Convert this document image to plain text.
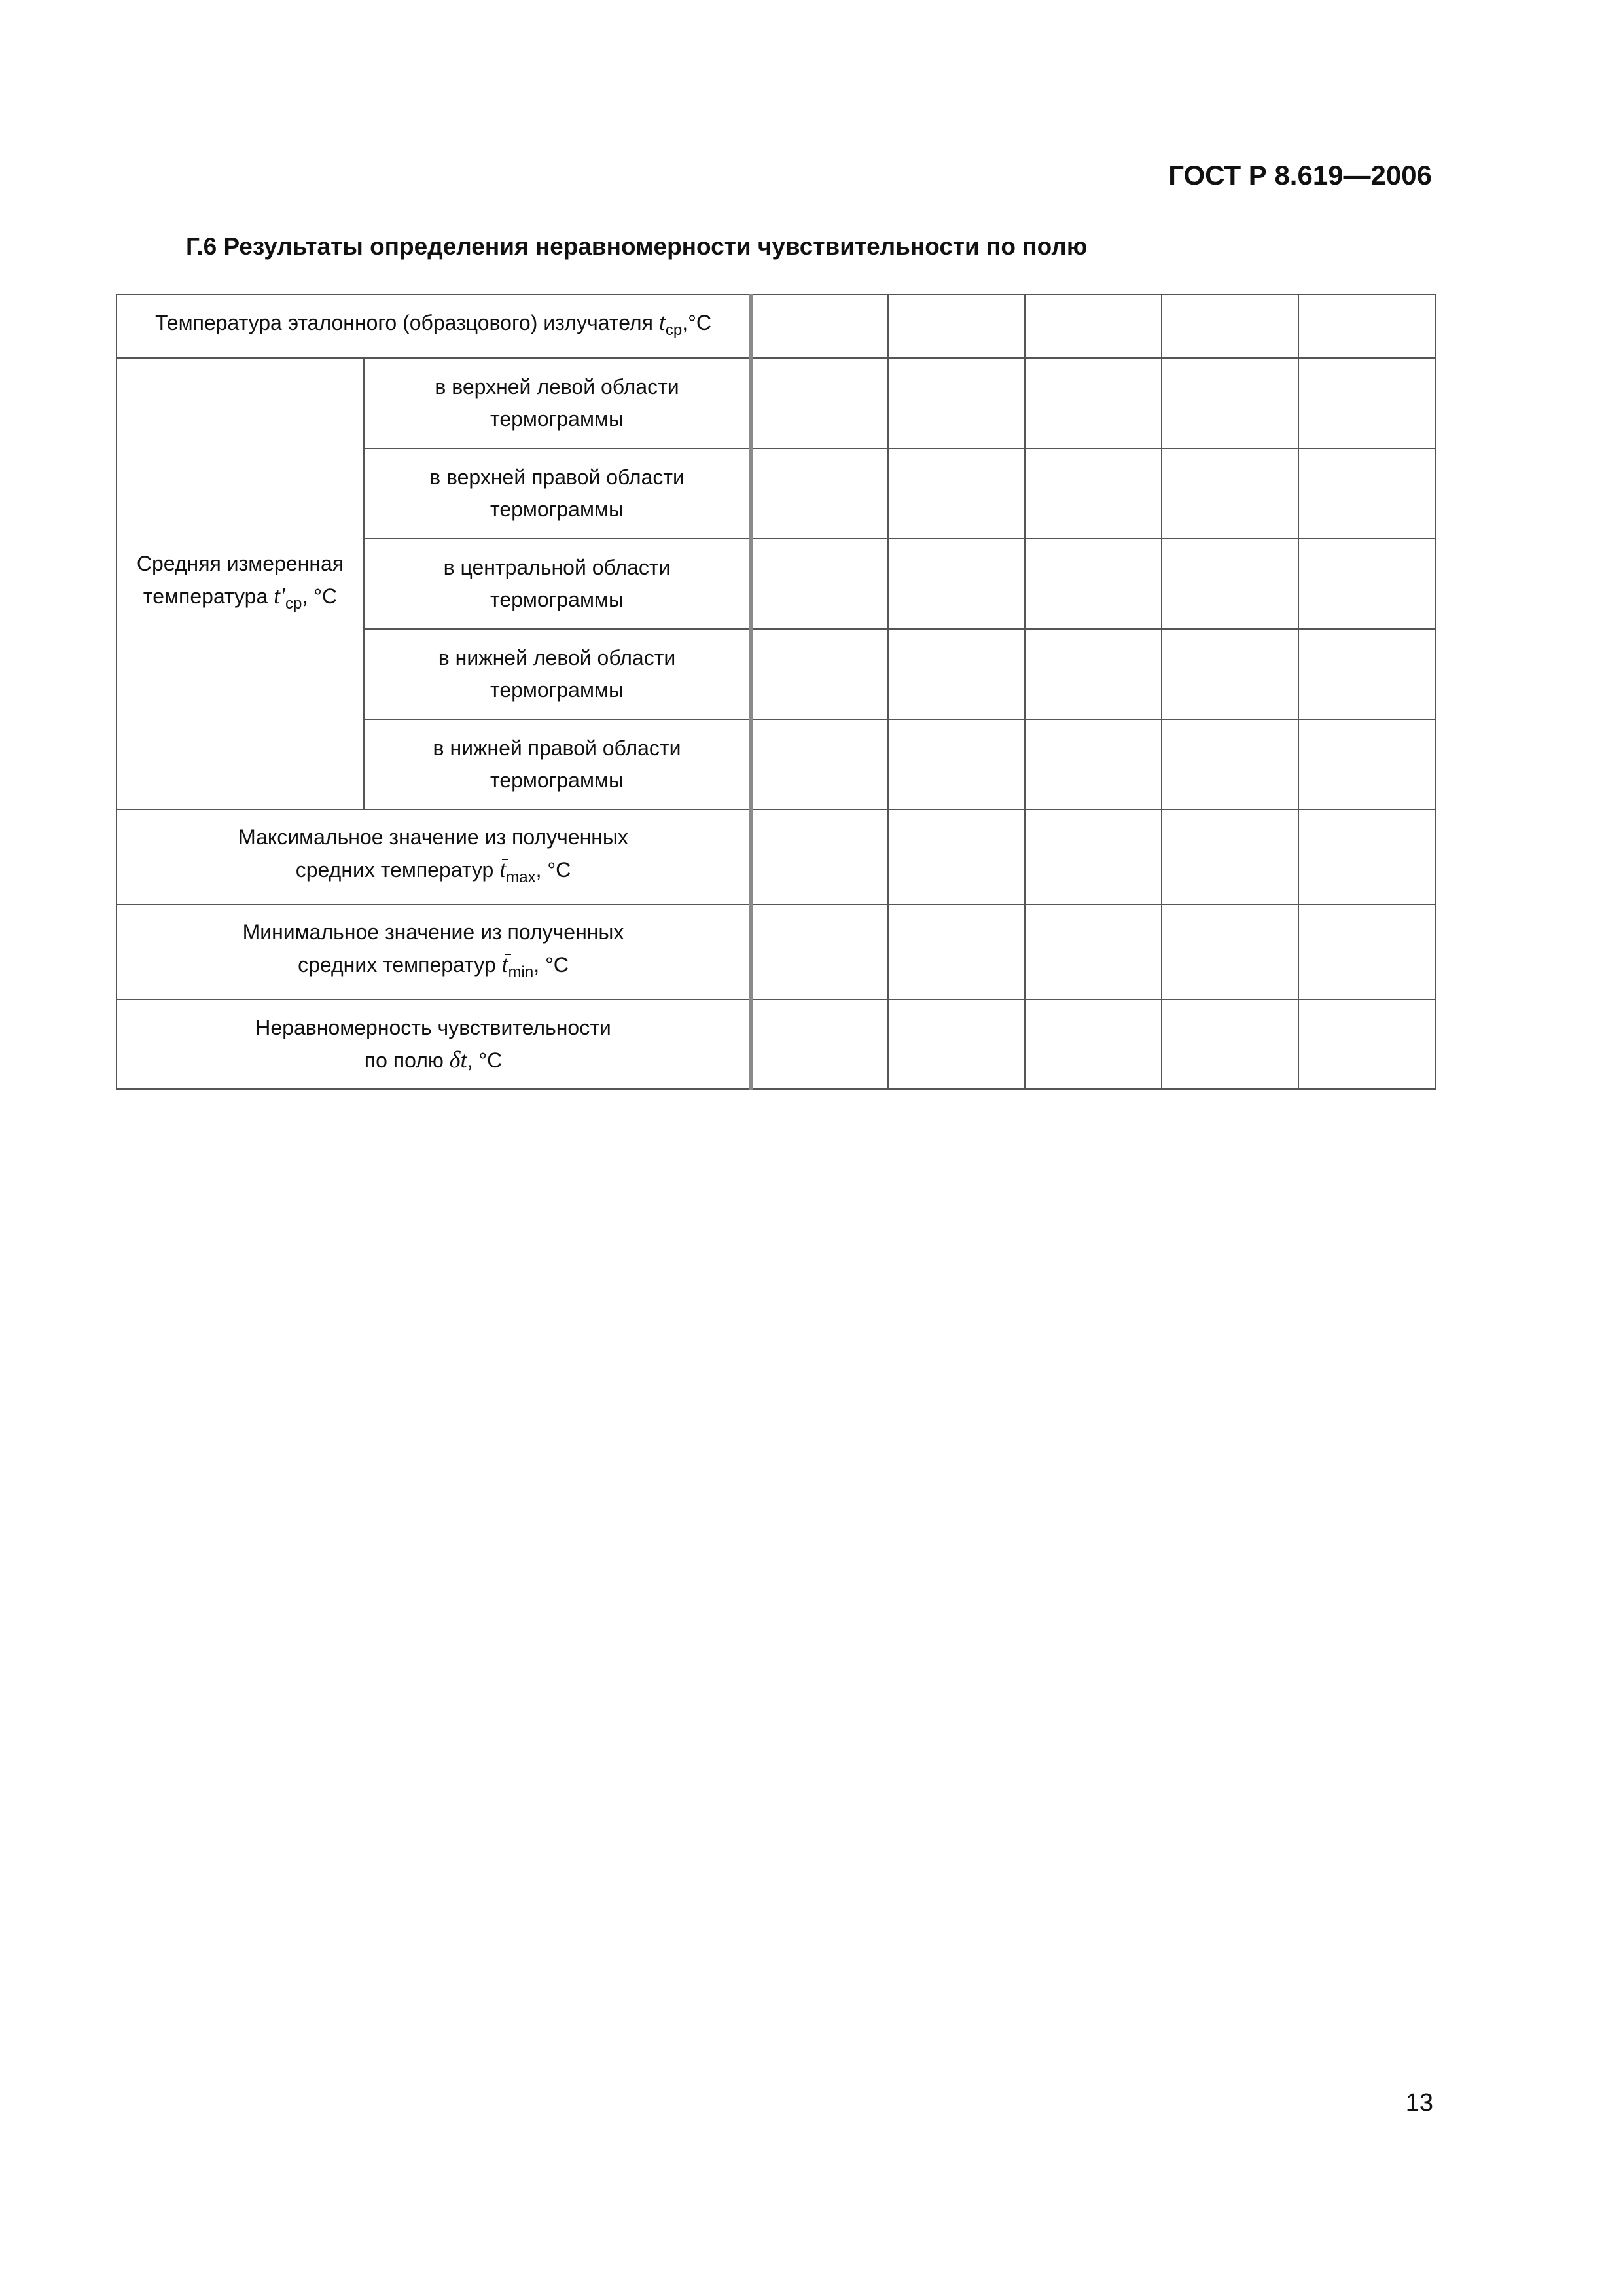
ГОСТ Р 8.619—2006
Г.6 Результаты определения неравномерности чувствительности по полю
Температура эталонного (образцового) излучателя $t_{ср},^\circ С$						
Средняя измеренная
температура $t'_{ср}$, °С	в верхней левой области
термограммы					
	в верхней правой области
термограммы					
	в центральной области
термограммы					
	в нижней левой области
термограммы					
	в нижней правой области
термограммы					
Максимальное значение из полученных
средних температур $t_{max}$, °С						
Минимальное значение из полученных
средних температур $t_{min}$, °С						
Неравномерность чувствительности
по полю δt, °С						
13
